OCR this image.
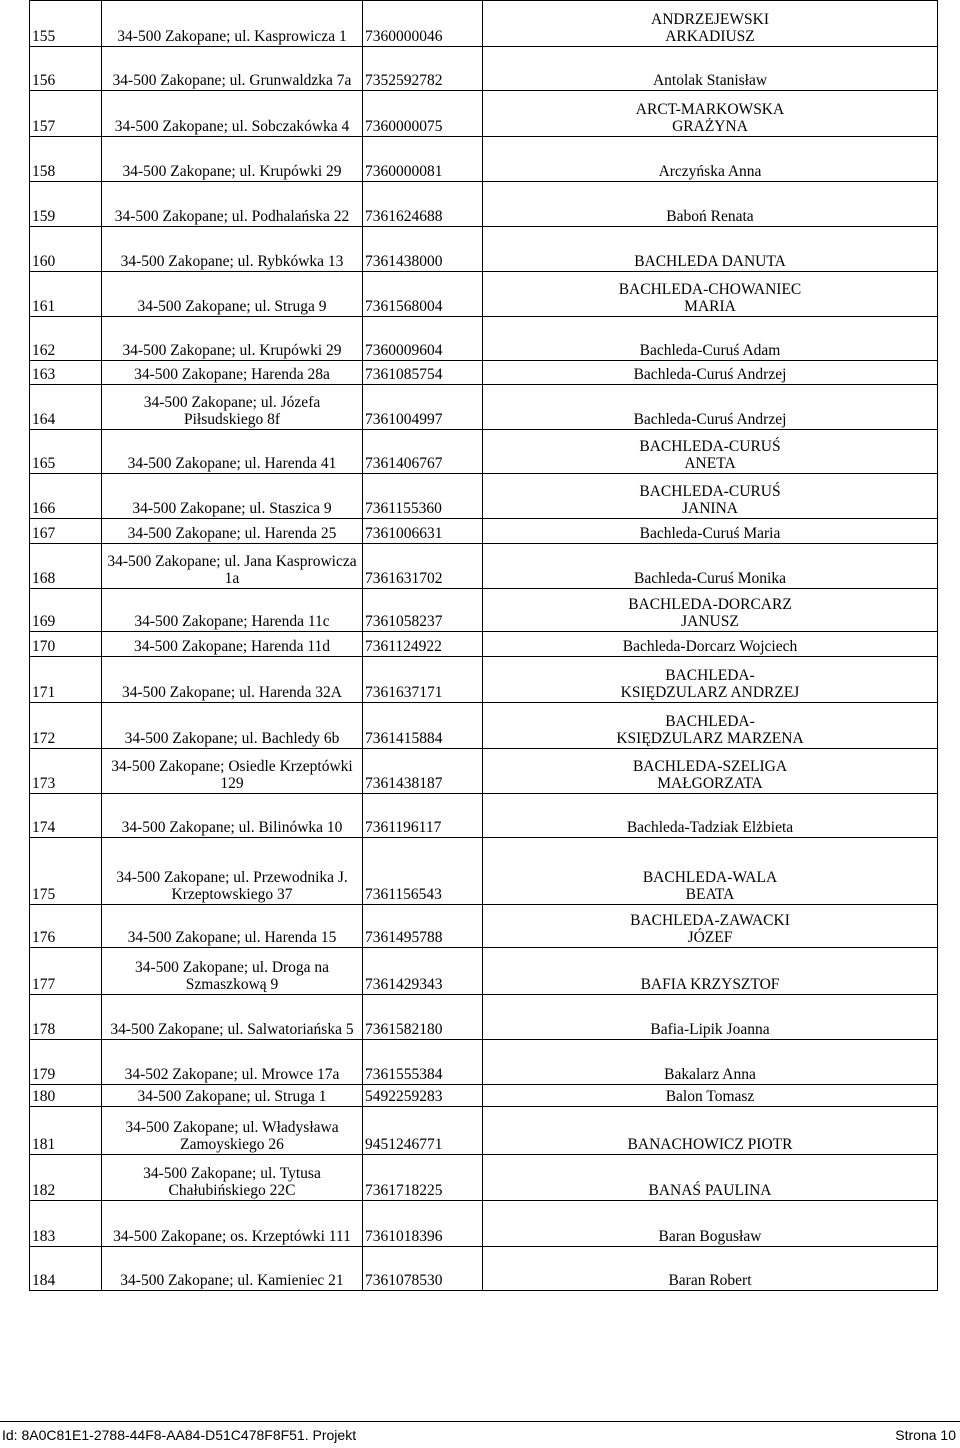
155	34-500 Zakopane; ul. Kasprowicza 1	7360000046	ANDRZEJEWSKI
ARKADIUSZ
156	34-500 Zakopane; ul. Grunwaldzka 7a	7352592782	Antolak Stanisław
157	34-500 Zakopane; ul. Sobczakówka 4	7360000075	ARCT-MARKOWSKA
GRAŻYNA
158	34-500 Zakopane; ul. Krupówki 29	7360000081	Arczyńska Anna
159	34-500 Zakopane; ul. Podhalańska 22	7361624688	Baboń Renata
160	34-500 Zakopane; ul. Rybkówka 13	7361438000	BACHLEDA DANUTA
161	34-500 Zakopane; ul. Struga 9	7361568004	BACHLEDA-CHOWANIEC
MARIA
162	34-500 Zakopane; ul. Krupówki 29	7360009604	Bachleda-Curuś Adam
163	34-500 Zakopane; Harenda 28a	7361085754	Bachleda-Curuś Andrzej
164	34-500 Zakopane; ul. Józefa Piłsudskiego 8f	7361004997	Bachleda-Curuś Andrzej
165	34-500 Zakopane; ul. Harenda 41	7361406767	BACHLEDA-CURUŚ
ANETA
166	34-500 Zakopane; ul. Staszica 9	7361155360	BACHLEDA-CURUŚ
JANINA
167	34-500 Zakopane; ul. Harenda 25	7361006631	Bachleda-Curuś Maria
168	34-500 Zakopane; ul. Jana Kasprowicza 1a	7361631702	Bachleda-Curuś Monika
169	34-500 Zakopane; Harenda 11c	7361058237	BACHLEDA-DORCARZ
JANUSZ
170	34-500 Zakopane; Harenda 11d	7361124922	Bachleda-Dorcarz Wojciech
171	34-500 Zakopane; ul. Harenda 32A	7361637171	BACHLEDA-
KSIĘDZULARZ ANDRZEJ
172	34-500 Zakopane; ul. Bachledy 6b	7361415884	BACHLEDA-
KSIĘDZULARZ MARZENA
173	34-500 Zakopane; Osiedle Krzeptówki 129	7361438187	BACHLEDA-SZELIGA
MAŁGORZATA
174	34-500 Zakopane; ul. Bilinówka 10	7361196117	Bachleda-Tadziak Elżbieta
175	34-500 Zakopane; ul. Przewodnika J. Krzeptowskiego 37	7361156543	BACHLEDA-WALA
BEATA
176	34-500 Zakopane; ul. Harenda 15	7361495788	BACHLEDA-ZAWACKI
JÓZEF
177	34-500 Zakopane; ul. Droga na Szmaszkową 9	7361429343	BAFIA KRZYSZTOF
178	34-500 Zakopane; ul. Salwatoriańska 5	7361582180	Bafia-Lipik Joanna
179	34-502 Zakopane; ul. Mrowce 17a	7361555384	Bakalarz Anna
180	34-500 Zakopane; ul. Struga 1	5492259283	Balon Tomasz
181	34-500 Zakopane; ul. Władysława Zamoyskiego 26	9451246771	BANACHOWICZ PIOTR
182	34-500 Zakopane; ul. Tytusa Chałubińskiego 22C	7361718225	BANAŚ PAULINA
183	34-500 Zakopane; os. Krzeptówki 111	7361018396	Baran Bogusław
184	34-500 Zakopane; ul. Kamieniec 21	7361078530	Baran Robert
Id: 8A0C81E1-2788-44F8-AA84-D51C478F8F51. Projekt	Strona 10
